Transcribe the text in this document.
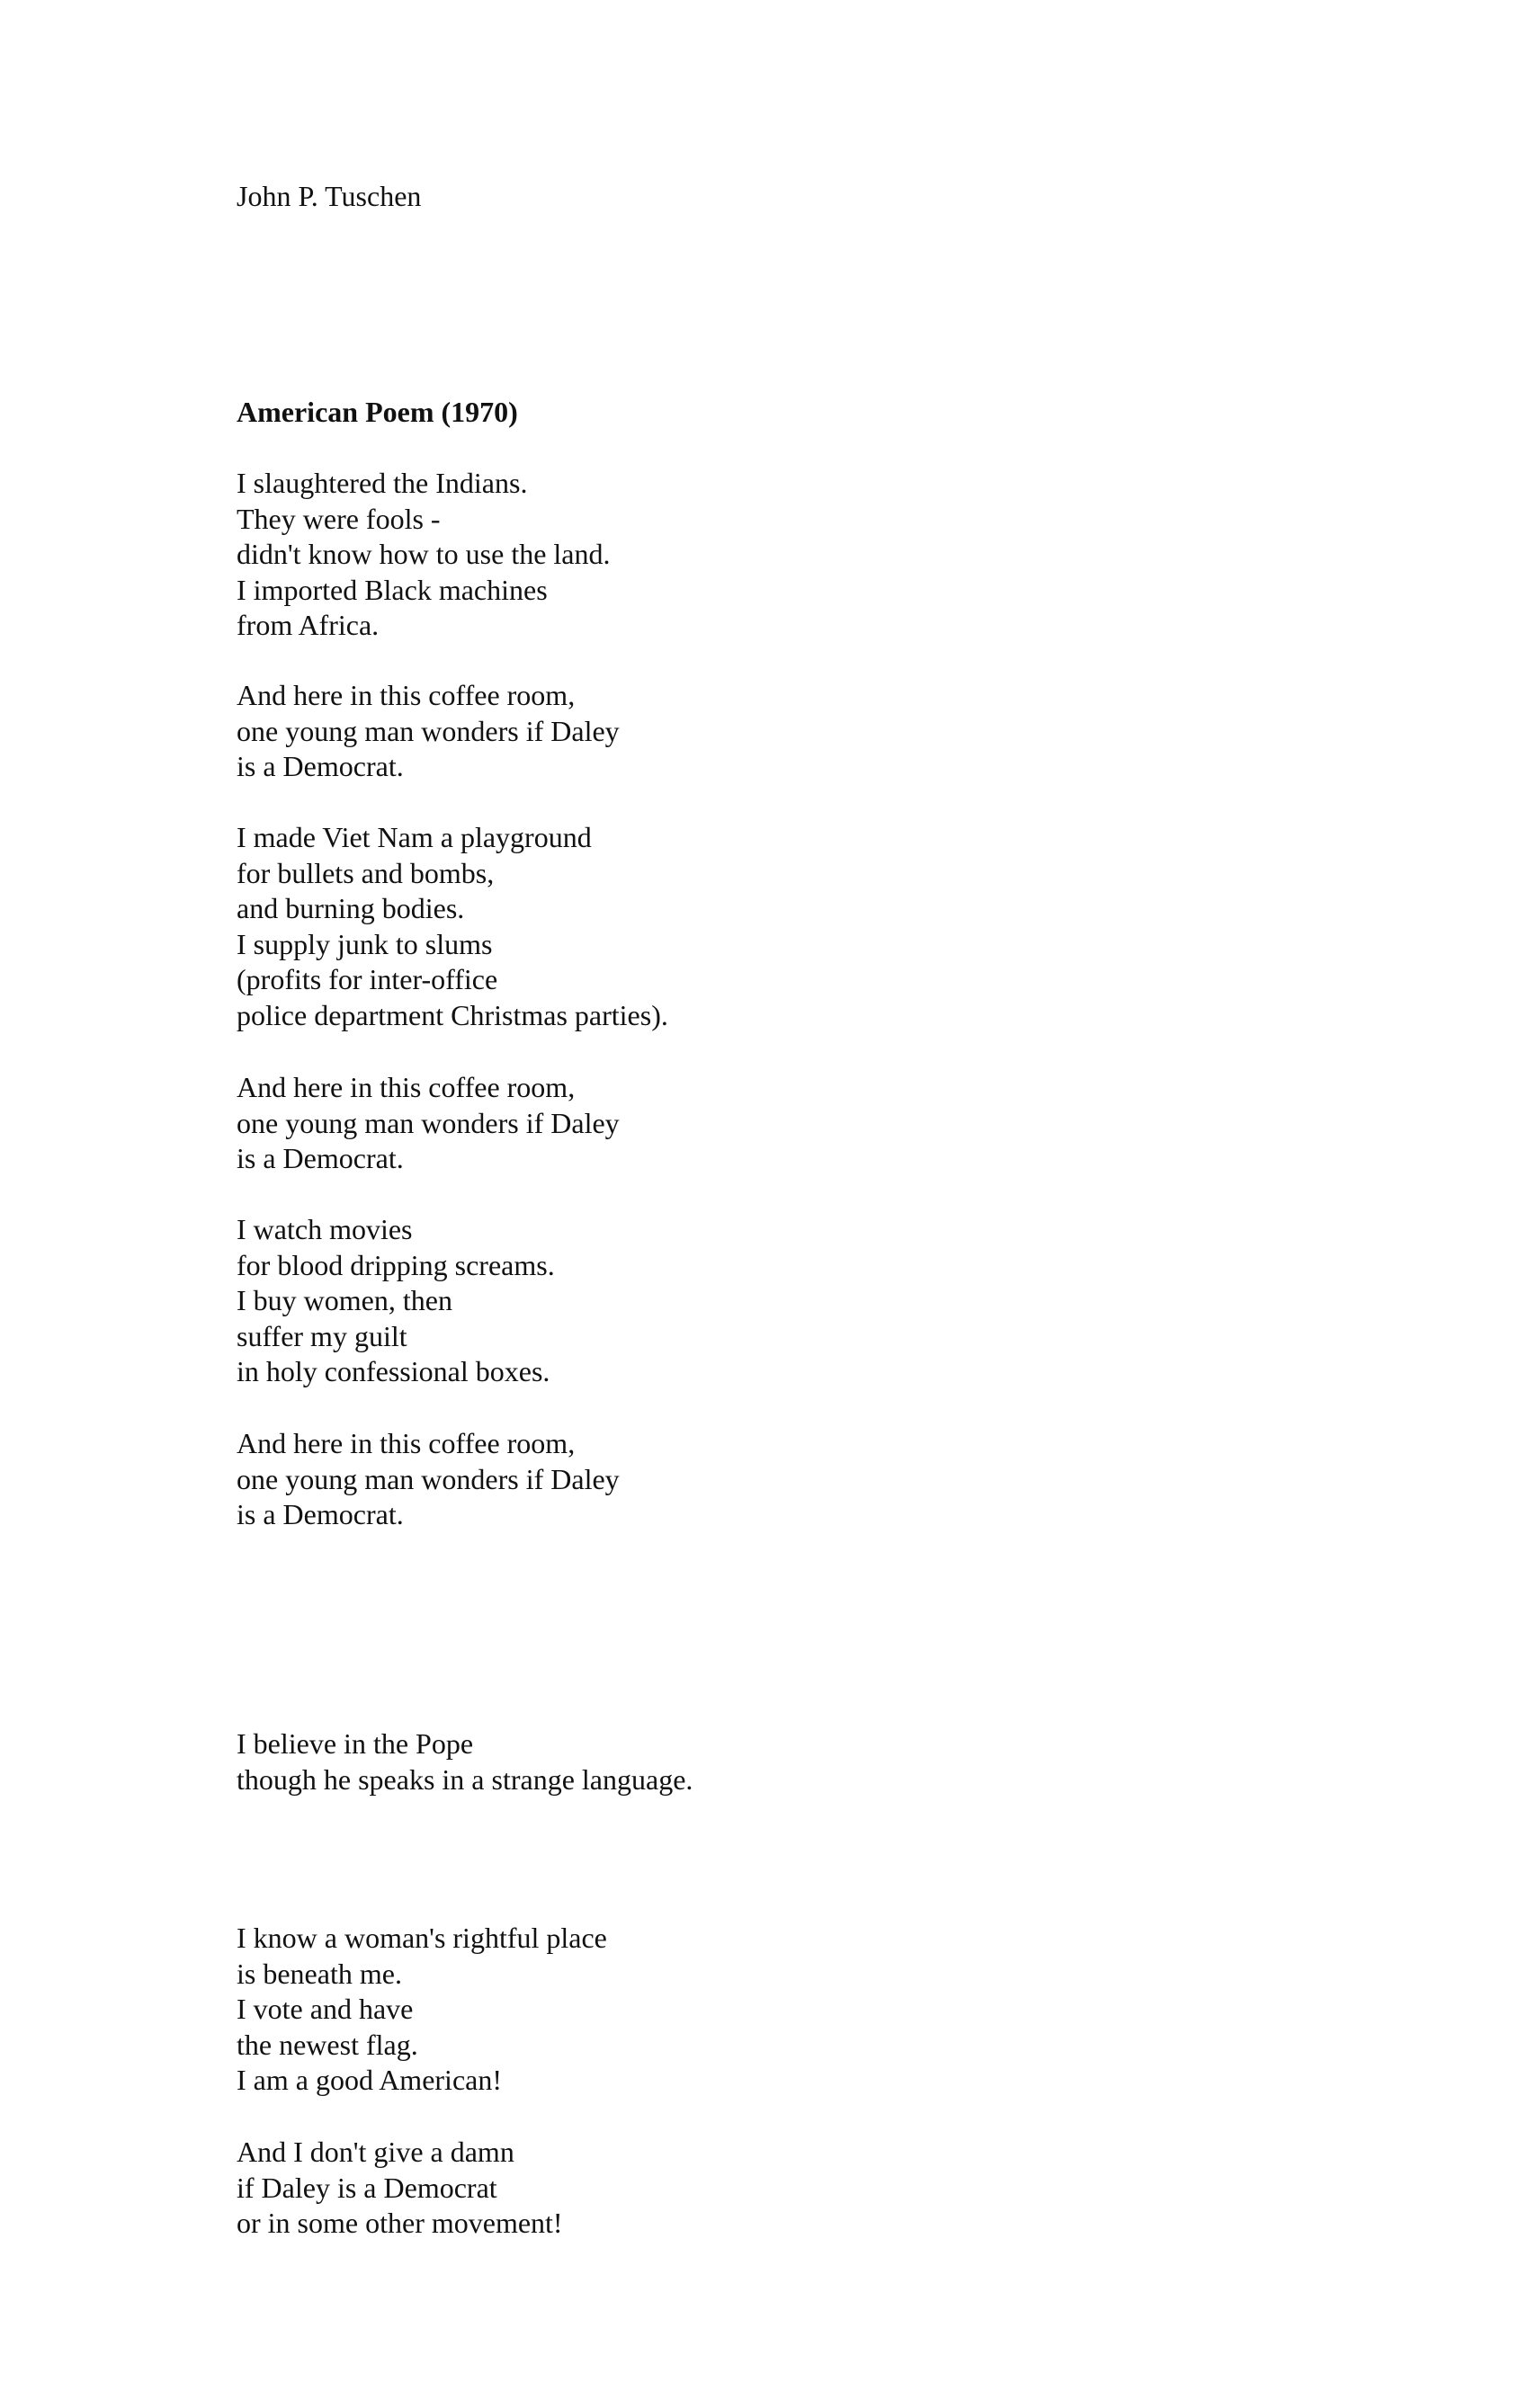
John P. Tuschen

American Poem (1970)

I slaughtered the Indians.
They were fools -
didn't know how to use the land.
I imported Black machines
from Africa.
And here in this coffee room,
one young man wonders if Daley
is a Democrat.
I made Viet Nam a playground
for bullets and bombs,
and burning bodies.
I supply junk to slums
(profits for inter-office
police department Christmas parties).
And here in this coffee room,
one young man wonders if Daley
is a Democrat.
I watch movies
for blood dripping screams.
I buy women, then
suffer my guilt
in holy confessional boxes.
And here in this coffee room,
one young man wonders if Daley
is a Democrat.
I believe in the Pope
though he speaks in a strange language.
I know a woman's rightful place
is beneath me.
I vote and have
the newest flag.
I am a good American!
And I don't give a damn
if Daley is a Democrat
or in some other movement!
